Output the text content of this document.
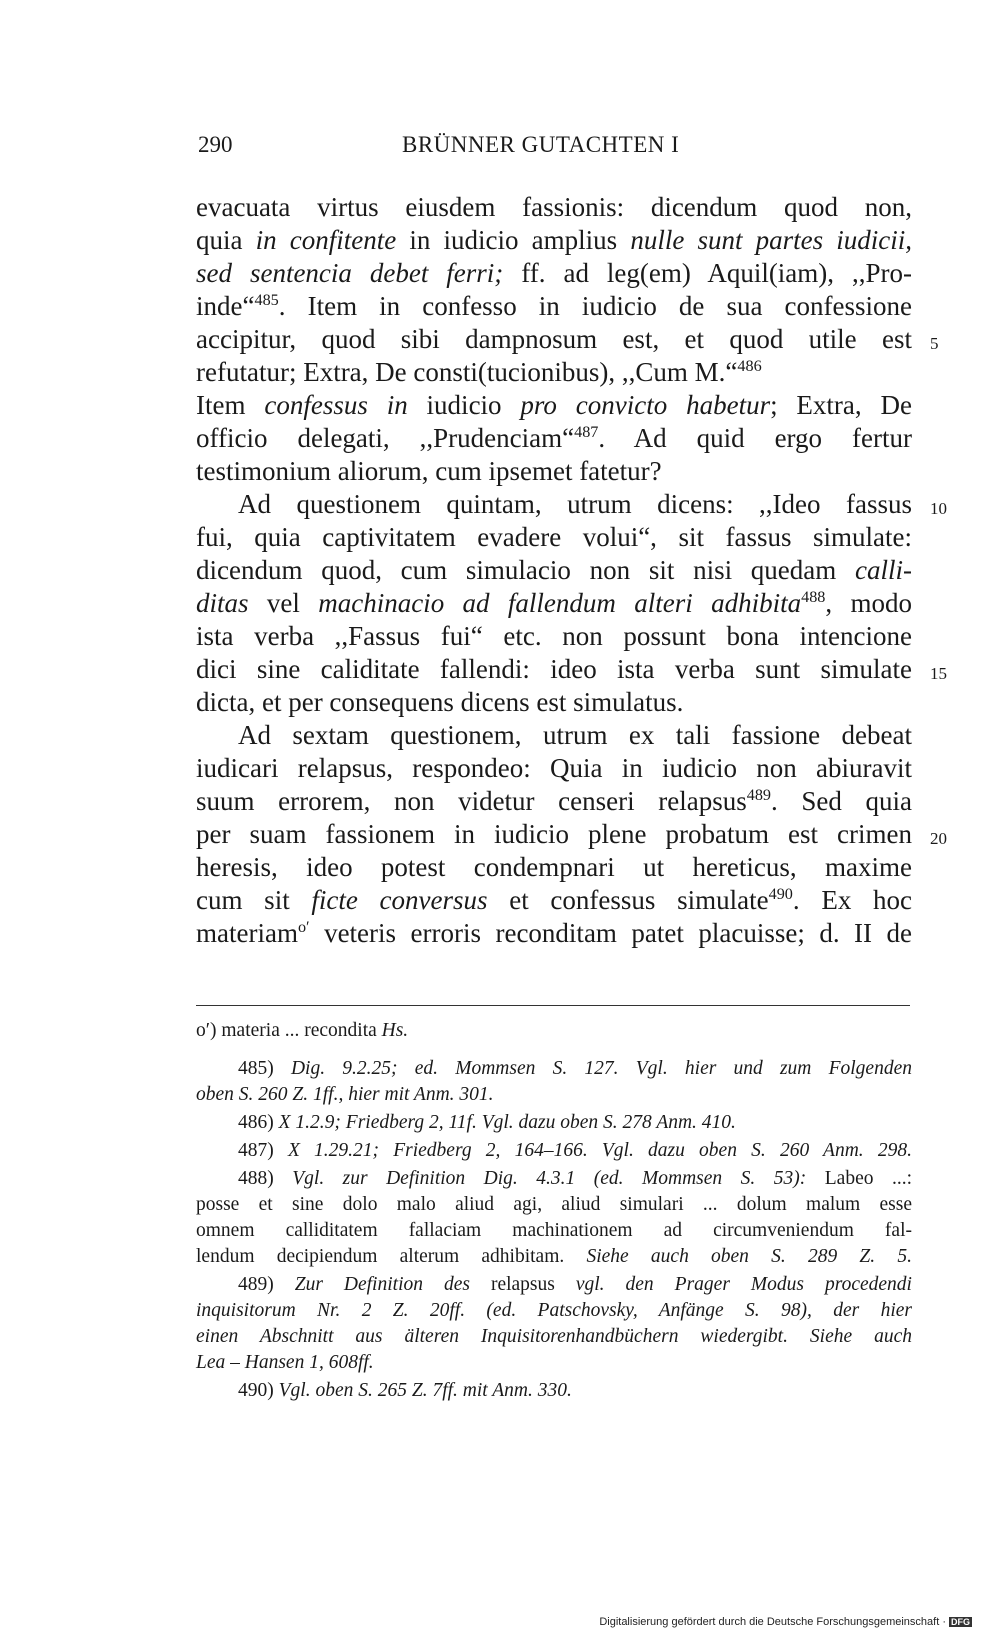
290	BRÜNNER GUTACHTEN I
evacuata virtus eiusdem fassionis: dicendum quod non,
quia in confitente in iudicio amplius nulle sunt partes iudicii,
sed sentencia debet ferri; ff. ad leg(em) Aquil(iam), ,,Pro-
inde“$^{485}$. Item in confesso in iudicio de sua confessione
accipitur, quod sibi dampnosum est, et quod utile est
refutatur; Extra, De consti(tucionibus), ,,Cum M.“$^{486}$
Item confessus in iudicio pro convicto habetur; Extra, De
officio delegati, ,,Prudenciam“$^{487}$. Ad quid ergo fertur
testimonium aliorum, cum ipsemet fatetur?
Ad questionem quintam, utrum dicens: ,,Ideo fassus
fui, quia captivitatem evadere volui“, sit fassus simulate:
dicendum quod, cum simulacio non sit nisi quedam calli-
ditas vel machinacio ad fallendum alteri adhibita$^{488}$, modo
ista verba ,,Fassus fui“ etc. non possunt bona intencione
dici sine caliditate fallendi: ideo ista verba sunt simulate
dicta, et per consequens dicens est simulatus.
Ad sextam questionem, utrum ex tali fassione debeat
iudicari relapsus, respondeo: Quia in iudicio non abiuravit
suum errorem, non videtur censeri relapsus$^{489}$. Sed quia
per suam fassionem in iudicio plene probatum est crimen
heresis, ideo potest condempnari ut hereticus, maxime
cum sit ficte conversus et confessus simulate$^{490}$. Ex hoc
materiam$^{o'}$ veteris erroris reconditam patet placuisse; d. II de
5
10
15
20
o′) materia ... recondita Hs.
485) Dig. 9.2.25; ed. Mommsen S. 127. Vgl. hier und zum Folgenden
oben S. 260 Z. 1ff., hier mit Anm. 301.
486) X 1.2.9; Friedberg 2, 11f. Vgl. dazu oben S. 278 Anm. 410.
487) X 1.29.21; Friedberg 2, 164–166. Vgl. dazu oben S. 260 Anm. 298.
488) Vgl. zur Definition Dig. 4.3.1 (ed. Mommsen S. 53): Labeo ...:
posse et sine dolo malo aliud agi, aliud simulari ... dolum malum esse
omnem calliditatem fallaciam machinationem ad circumveniendum fal-
lendum decipiendum alterum adhibitam. Siehe auch oben S. 289 Z. 5.
489) Zur Definition des relapsus vgl. den Prager Modus procedendi
inquisitorum Nr. 2 Z. 20ff. (ed. Patschovsky, Anfänge S. 98), der hier
einen Abschnitt aus älteren Inquisitorenhandbüchern wiedergibt. Siehe auch
Lea – Hansen 1, 608ff.
490) Vgl. oben S. 265 Z. 7ff. mit Anm. 330.
Digitalisierung gefördert durch die Deutsche Forschungsgemeinschaft · DFG
